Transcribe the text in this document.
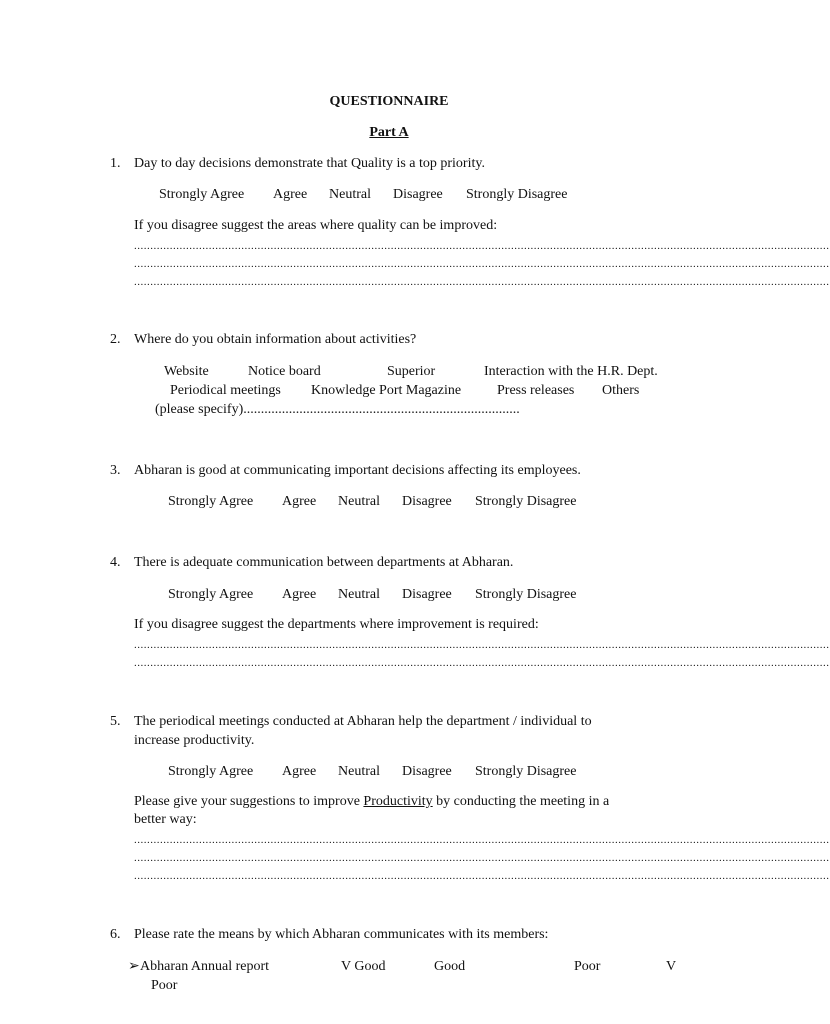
QUESTIONNAIRE
Part A
1. Day to day decisions demonstrate that Quality is a top priority.
Strongly Agree Agree Neutral Disagree Strongly Disagree
If you disagree suggest the areas where quality can be improved:
......................................................................................................................................................................................................................
......................................................................................................................................................................................................................
......................................................................................................................................................................................................................
2. Where do you obtain information about activities?
Website	Notice board	Superior	Interaction with the H.R. Dept.
Periodical meetings Knowledge Port Magazine	Press releases Others
(please specify)...............................................................................
3. Abharan is good at communicating important decisions affecting its employees.
Strongly Agree Agree Neutral Disagree Strongly Disagree
4. There is adequate communication between departments at Abharan.
Strongly Agree Agree Neutral Disagree Strongly Disagree
If you disagree suggest the departments where improvement is required:
......................................................................................................................................................................................................................
......................................................................................................................................................................................................................
5. The periodical meetings conducted at Abharan help the department / individual to
increase productivity.
Strongly Agree Agree Neutral Disagree Strongly Disagree
Please give your suggestions to improve Productivity by conducting the meeting in a
better way:
......................................................................................................................................................................................................................
......................................................................................................................................................................................................................
......................................................................................................................................................................................................................
6. Please rate the means by which Abharan communicates with its members:
➢ Abharan Annual report	V Good	Good	Poor	V
Poor
